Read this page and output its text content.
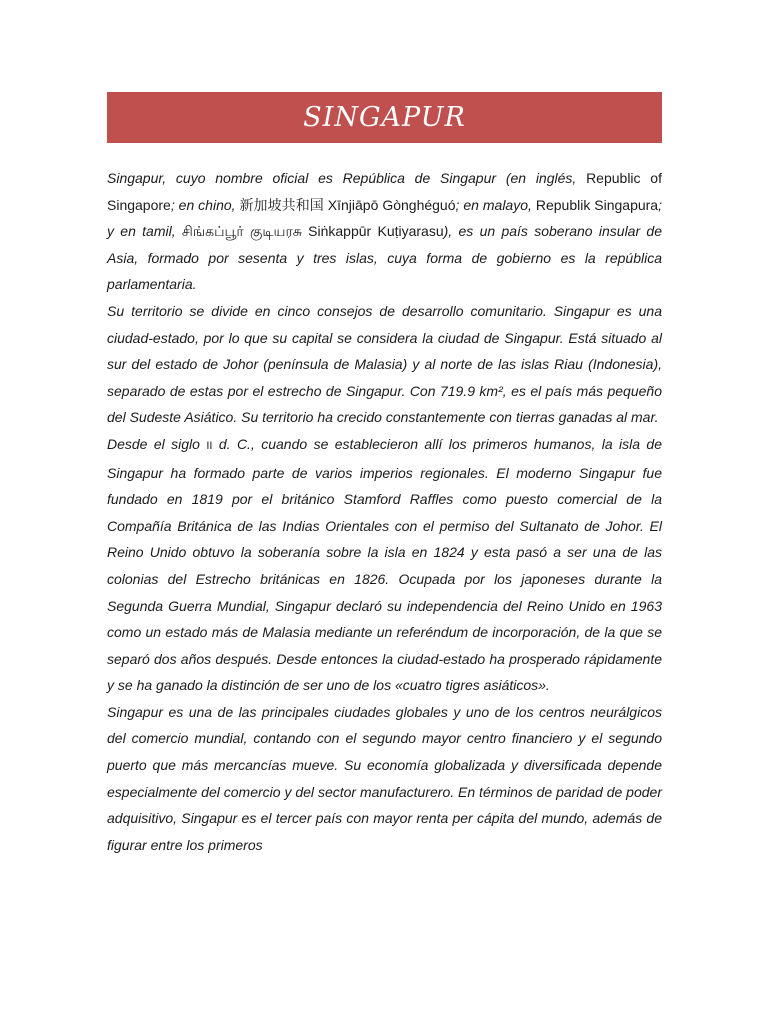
SINGAPUR

Singapur, cuyo nombre oficial es República de Singapur (en inglés, Republic of Singapore; en chino, 新加坡共和国 Xīnjiāpō Gònghéguó; en malayo, Republik Singapura; y en tamil, சிங்கப்பூர் குடியரசு Siṅkappūr Kuṭiyarasu), es un país soberano insular de Asia, formado por sesenta y tres islas, cuya forma de gobierno es la república parlamentaria.

Su territorio se divide en cinco consejos de desarrollo comunitario. Singapur es una ciudad-estado, por lo que su capital se considera la ciudad de Singapur. Está situado al sur del estado de Johor (península de Malasia) y al norte de las islas Riau (Indonesia), separado de estas por el estrecho de Singapur. Con 719.9 km², es el país más pequeño del Sudeste Asiático. Su territorio ha crecido constantemente con tierras ganadas al mar.

Desde el siglo II d. C., cuando se establecieron allí los primeros humanos, la isla de Singapur ha formado parte de varios imperios regionales. El moderno Singapur fue fundado en 1819 por el británico Stamford Raffles como puesto comercial de la Compañía Británica de las Indias Orientales con el permiso del Sultanato de Johor. El Reino Unido obtuvo la soberanía sobre la isla en 1824 y esta pasó a ser una de las colonias del Estrecho británicas en 1826. Ocupada por los japoneses durante la Segunda Guerra Mundial, Singapur declaró su independencia del Reino Unido en 1963 como un estado más de Malasia mediante un referéndum de incorporación, de la que se separó dos años después. Desde entonces la ciudad-estado ha prosperado rápidamente y se ha ganado la distinción de ser uno de los «cuatro tigres asiáticos».

Singapur es una de las principales ciudades globales y uno de los centros neurálgicos del comercio mundial, contando con el segundo mayor centro financiero y el segundo puerto que más mercancías mueve. Su economía globalizada y diversificada depende especialmente del comercio y del sector manufacturero. En términos de paridad de poder adquisitivo, Singapur es el tercer país con mayor renta per cápita del mundo, además de figurar entre los primeros
